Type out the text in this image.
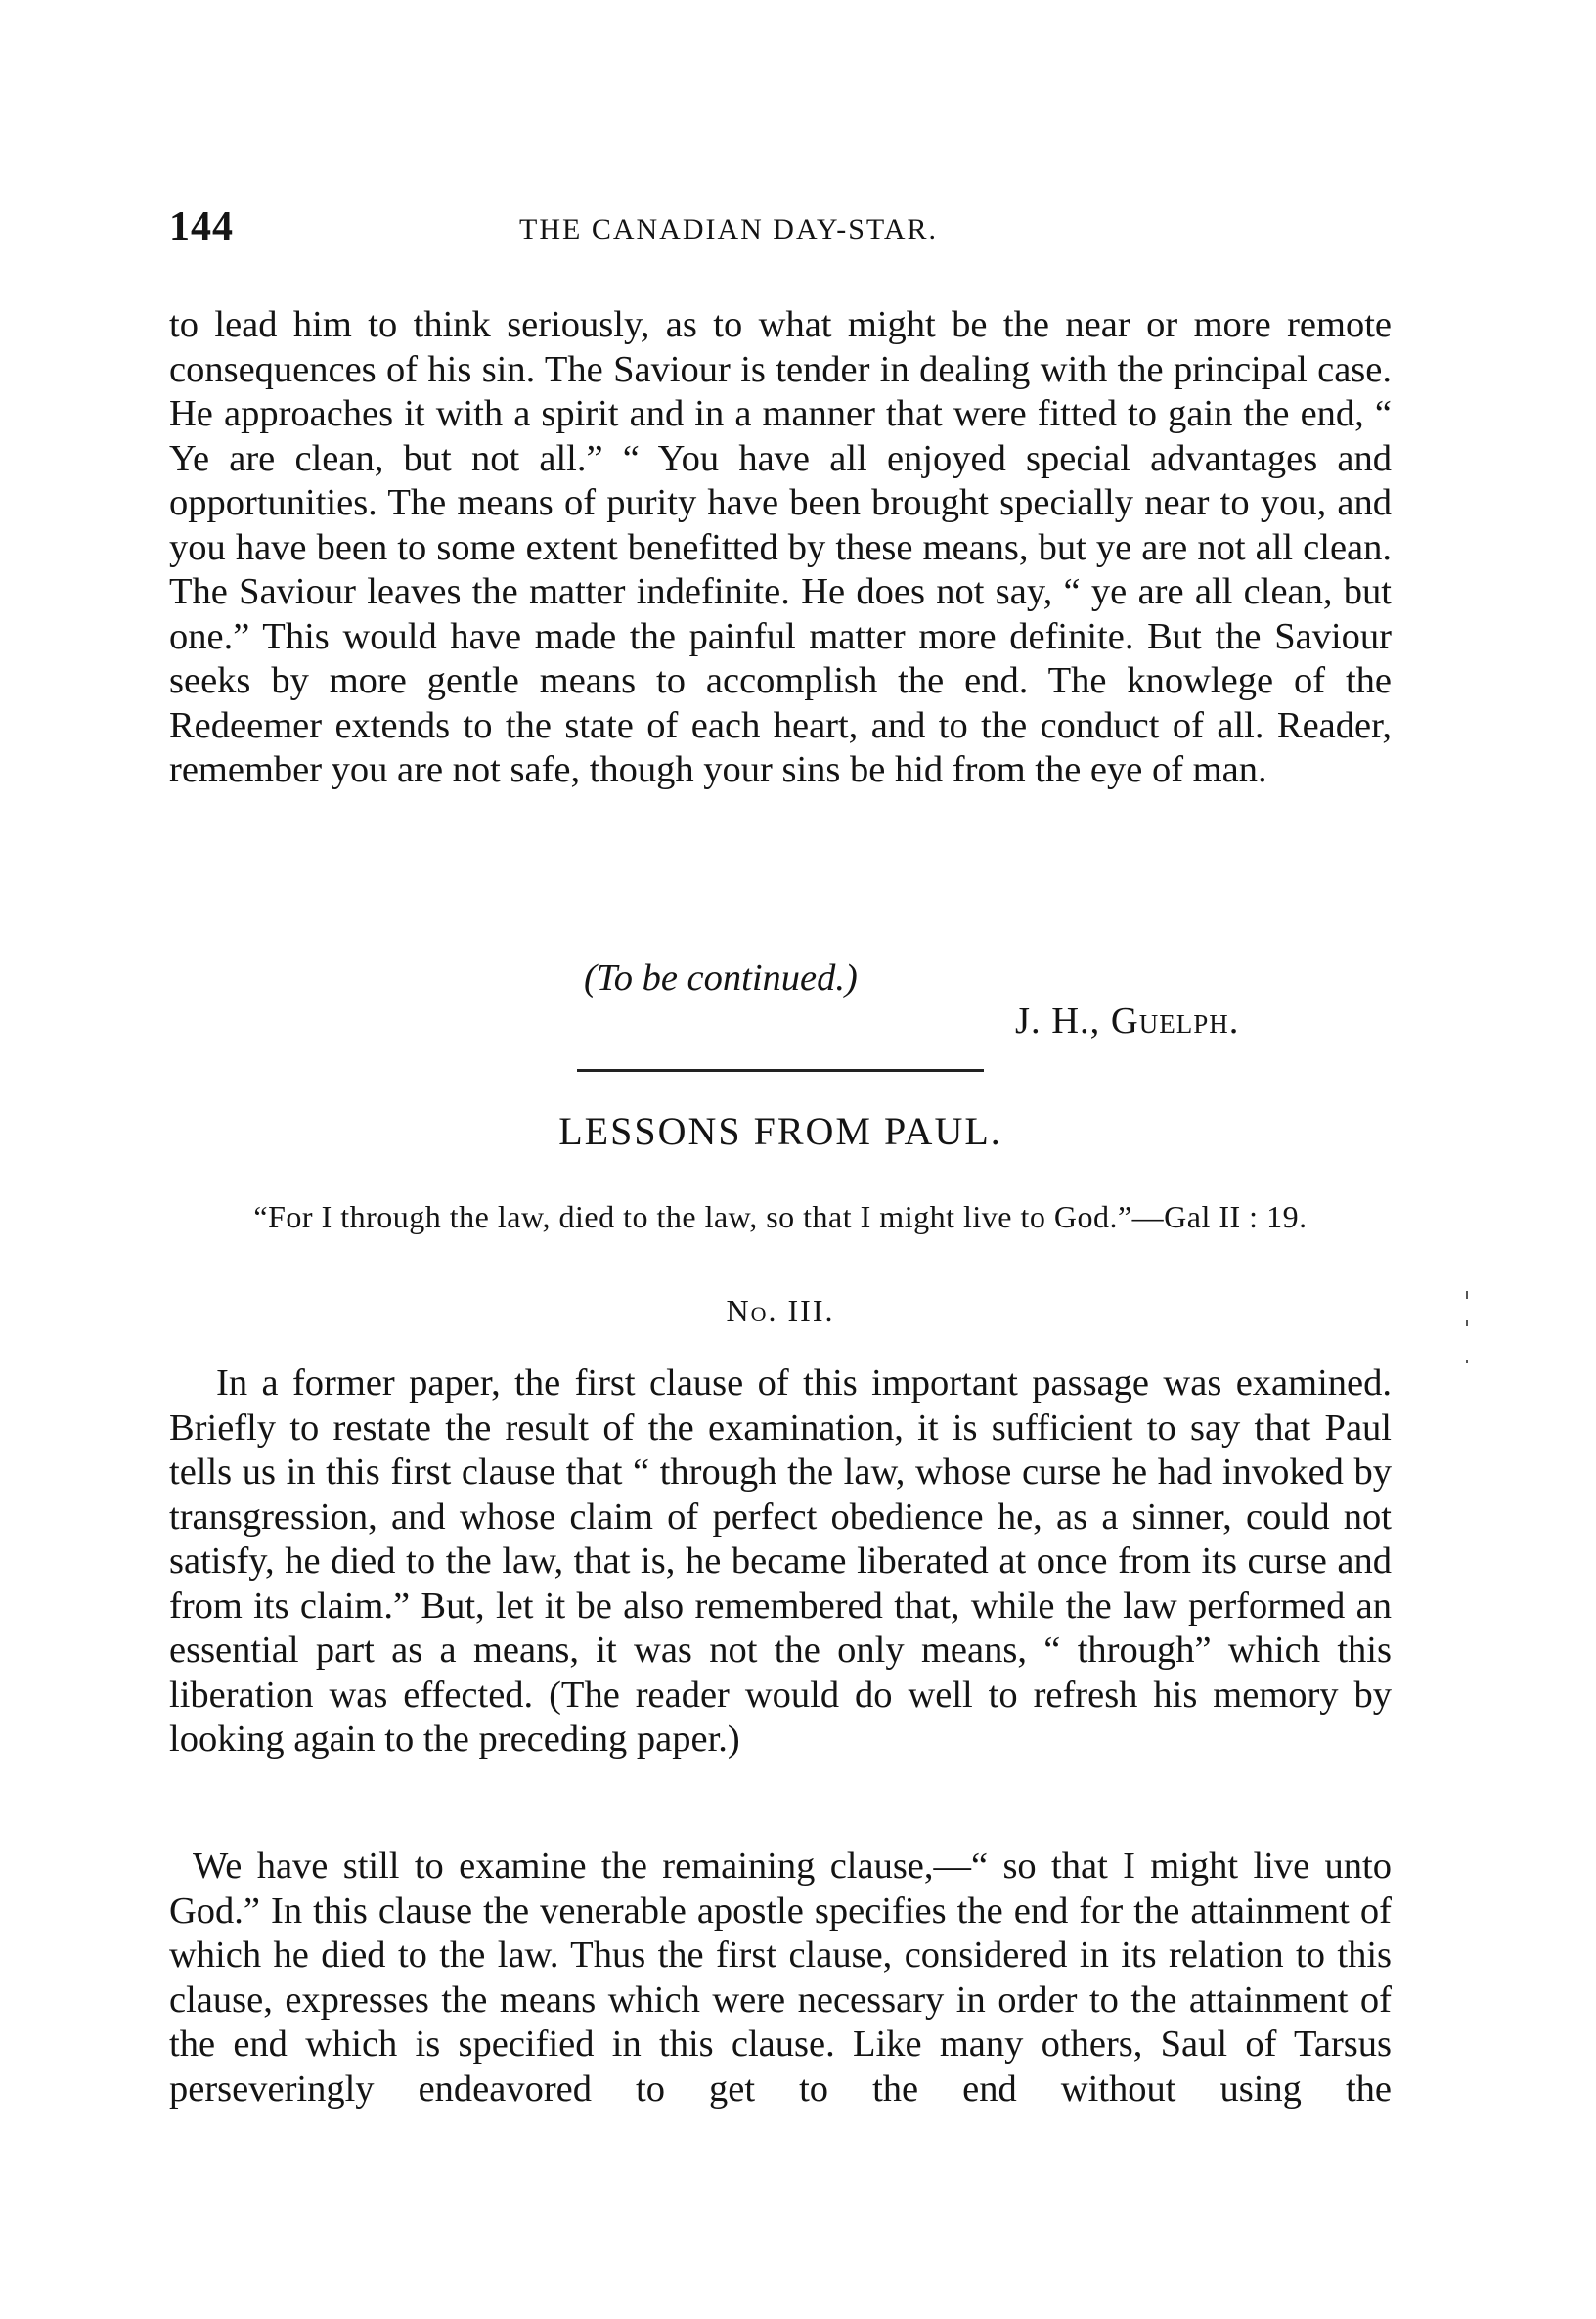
144	THE CANADIAN DAY-STAR.

to lead him to think seriously, as to what might be the near or more remote consequences of his sin. The Saviour is tender in dealing with the principal case. He approaches it with a spirit and in a manner that were fitted to gain the end, “ Ye are clean, but not all.” “ You have all enjoyed special advantages and opportunities. The means of purity have been brought specially near to you, and you have been to some extent benefitted by these means, but ye are not all clean. The Saviour leaves the matter indefinite. He does not say, “ ye are all clean, but one.” This would have made the painful matter more definite. But the Saviour seeks by more gentle means to accomplish the end. The knowlege of the Redeemer extends to the state of each heart, and to the conduct of all. Reader, remember you are not safe, though your sins be hid from the eye of man.

(To be continued.)
J. H., Guelph.
LESSONS FROM PAUL.
“For I through the law, died to the law, so that I might live to God.”—Gal II : 19.
No. III.

In a former paper, the first clause of this important passage was examined. Briefly to restate the result of the examination, it is sufficient to say that Paul tells us in this first clause that “ through the law, whose curse he had invoked by transgression, and whose claim of perfect obedience he, as a sinner, could not satisfy, he died to the law, that is, he became liberated at once from its curse and from its claim.” But, let it be also remembered that, while the law performed an essential part as a means, it was not the only means, “ through” which this liberation was effected. (The reader would do well to refresh his memory by looking again to the preceding paper.)

We have still to examine the remaining clause,—“ so that I might live unto God.” In this clause the venerable apostle specifies the end for the attainment of which he died to the law. Thus the first clause, considered in its relation to this clause, expresses the means which were necessary in order to the attainment of the end which is specified in this clause. Like many others, Saul of Tarsus perseveringly endeavored to get to the end without using the
